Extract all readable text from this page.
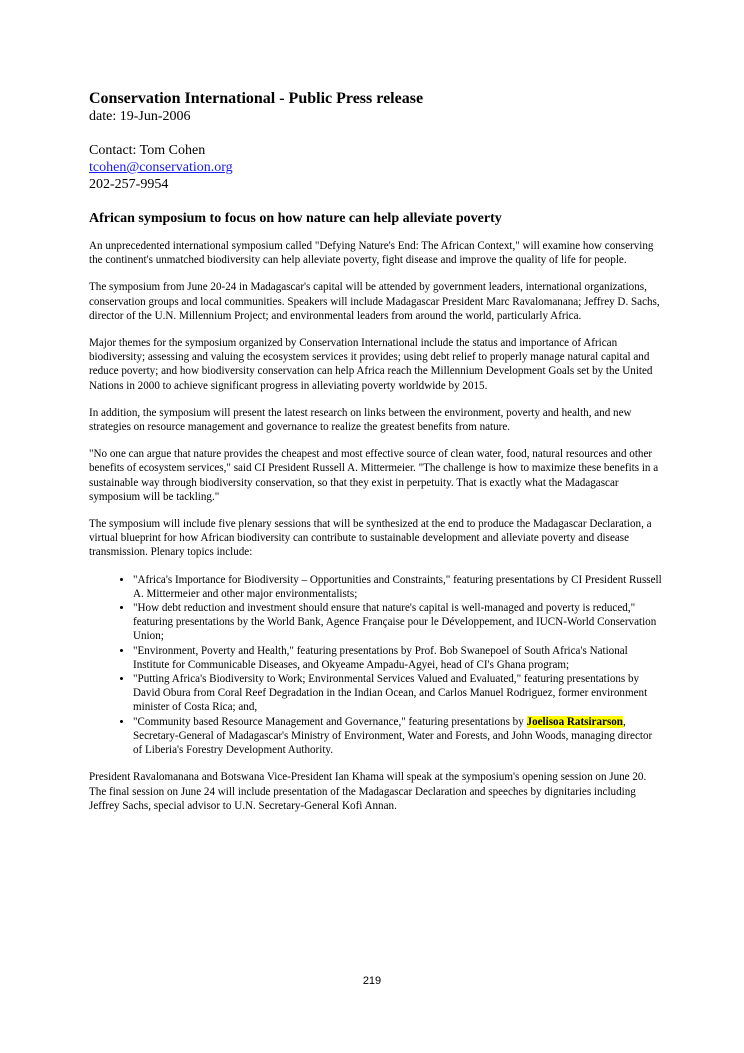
Conservation International - Public Press release
date: 19-Jun-2006
Contact: Tom Cohen
tcohen@conservation.org
202-257-9954
African symposium to focus on how nature can help alleviate poverty

An unprecedented international symposium called "Defying Nature's End: The African Context," will examine how conserving the continent's unmatched biodiversity can help alleviate poverty, fight disease and improve the quality of life for people.

The symposium from June 20-24 in Madagascar's capital will be attended by government leaders, international organizations, conservation groups and local communities. Speakers will include Madagascar President Marc Ravalomanana; Jeffrey D. Sachs, director of the U.N. Millennium Project; and environmental leaders from around the world, particularly Africa.

Major themes for the symposium organized by Conservation International include the status and importance of African biodiversity; assessing and valuing the ecosystem services it provides; using debt relief to properly manage natural capital and reduce poverty; and how biodiversity conservation can help Africa reach the Millennium Development Goals set by the United Nations in 2000 to achieve significant progress in alleviating poverty worldwide by 2015.

In addition, the symposium will present the latest research on links between the environment, poverty and health, and new strategies on resource management and governance to realize the greatest benefits from nature.

"No one can argue that nature provides the cheapest and most effective source of clean water, food, natural resources and other benefits of ecosystem services," said CI President Russell A. Mittermeier. "The challenge is how to maximize these benefits in a sustainable way through biodiversity conservation, so that they exist in perpetuity. That is exactly what the Madagascar symposium will be tackling."

The symposium will include five plenary sessions that will be synthesized at the end to produce the Madagascar Declaration, a virtual blueprint for how African biodiversity can contribute to sustainable development and alleviate poverty and disease transmission. Plenary topics include:

• "Africa's Importance for Biodiversity – Opportunities and Constraints," featuring presentations by CI President Russell A. Mittermeier and other major environmentalists;
• "How debt reduction and investment should ensure that nature's capital is well-managed and poverty is reduced," featuring presentations by the World Bank, Agence Française pour le Développement, and IUCN-World Conservation Union;
• "Environment, Poverty and Health," featuring presentations by Prof. Bob Swanepoel of South Africa's National Institute for Communicable Diseases, and Okyeame Ampadu-Agyei, head of CI's Ghana program;
• "Putting Africa's Biodiversity to Work; Environmental Services Valued and Evaluated," featuring presentations by David Obura from Coral Reef Degradation in the Indian Ocean, and Carlos Manuel Rodriguez, former environment minister of Costa Rica; and,
• "Community based Resource Management and Governance," featuring presentations by Joelisoa Ratsirarson, Secretary-General of Madagascar's Ministry of Environment, Water and Forests, and John Woods, managing director of Liberia's Forestry Development Authority.

President Ravalomanana and Botswana Vice-President Ian Khama will speak at the symposium's opening session on June 20. The final session on June 24 will include presentation of the Madagascar Declaration and speeches by dignitaries including Jeffrey Sachs, special advisor to U.N. Secretary-General Kofi Annan.

219
